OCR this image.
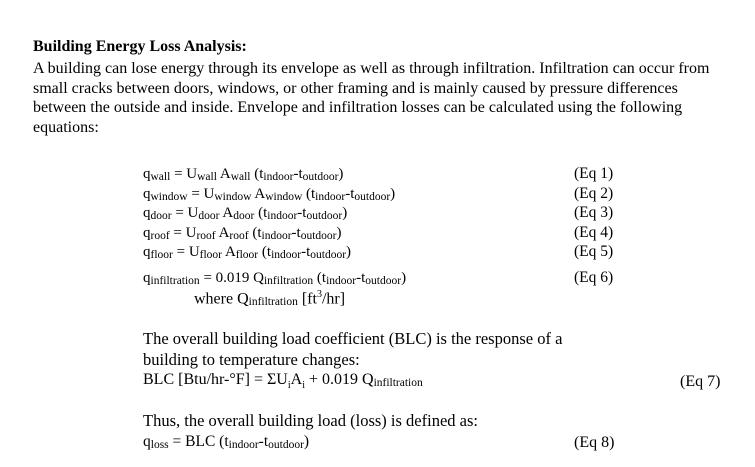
Building Energy Loss Analysis:
A building can lose energy through its envelope as well as through infiltration. Infiltration can occur from small cracks between doors, windows, or other framing and is mainly caused by pressure differences between the outside and inside. Envelope and infiltration losses can be calculated using the following equations:
qwall = Uwall Awall (tindoor-toutdoor)	(Eq 1)
qwindow = Uwindow Awindow (tindoor-toutdoor)	(Eq 2)
qdoor = Udoor Adoor (tindoor-toutdoor)	(Eq 3)
qroof = Uroof Aroof (tindoor-toutdoor)	(Eq 4)
qfloor = Ufloor Afloor (tindoor-toutdoor)	(Eq 5)
qinfiltration = 0.019 Qinfiltration (tindoor-toutdoor)	(Eq 6)
where Qinfiltration $[ft^3/hr]$
The overall building load coefficient (BLC) is the response of a building to temperature changes:
BLC $[Btu/hr-^\circ F] = \Sigma U_iA_i + 0.019$ Qinfiltration	(Eq 7)
Thus, the overall building load (loss) is defined as:
qloss = BLC (tindoor-toutdoor)	(Eq 8)
